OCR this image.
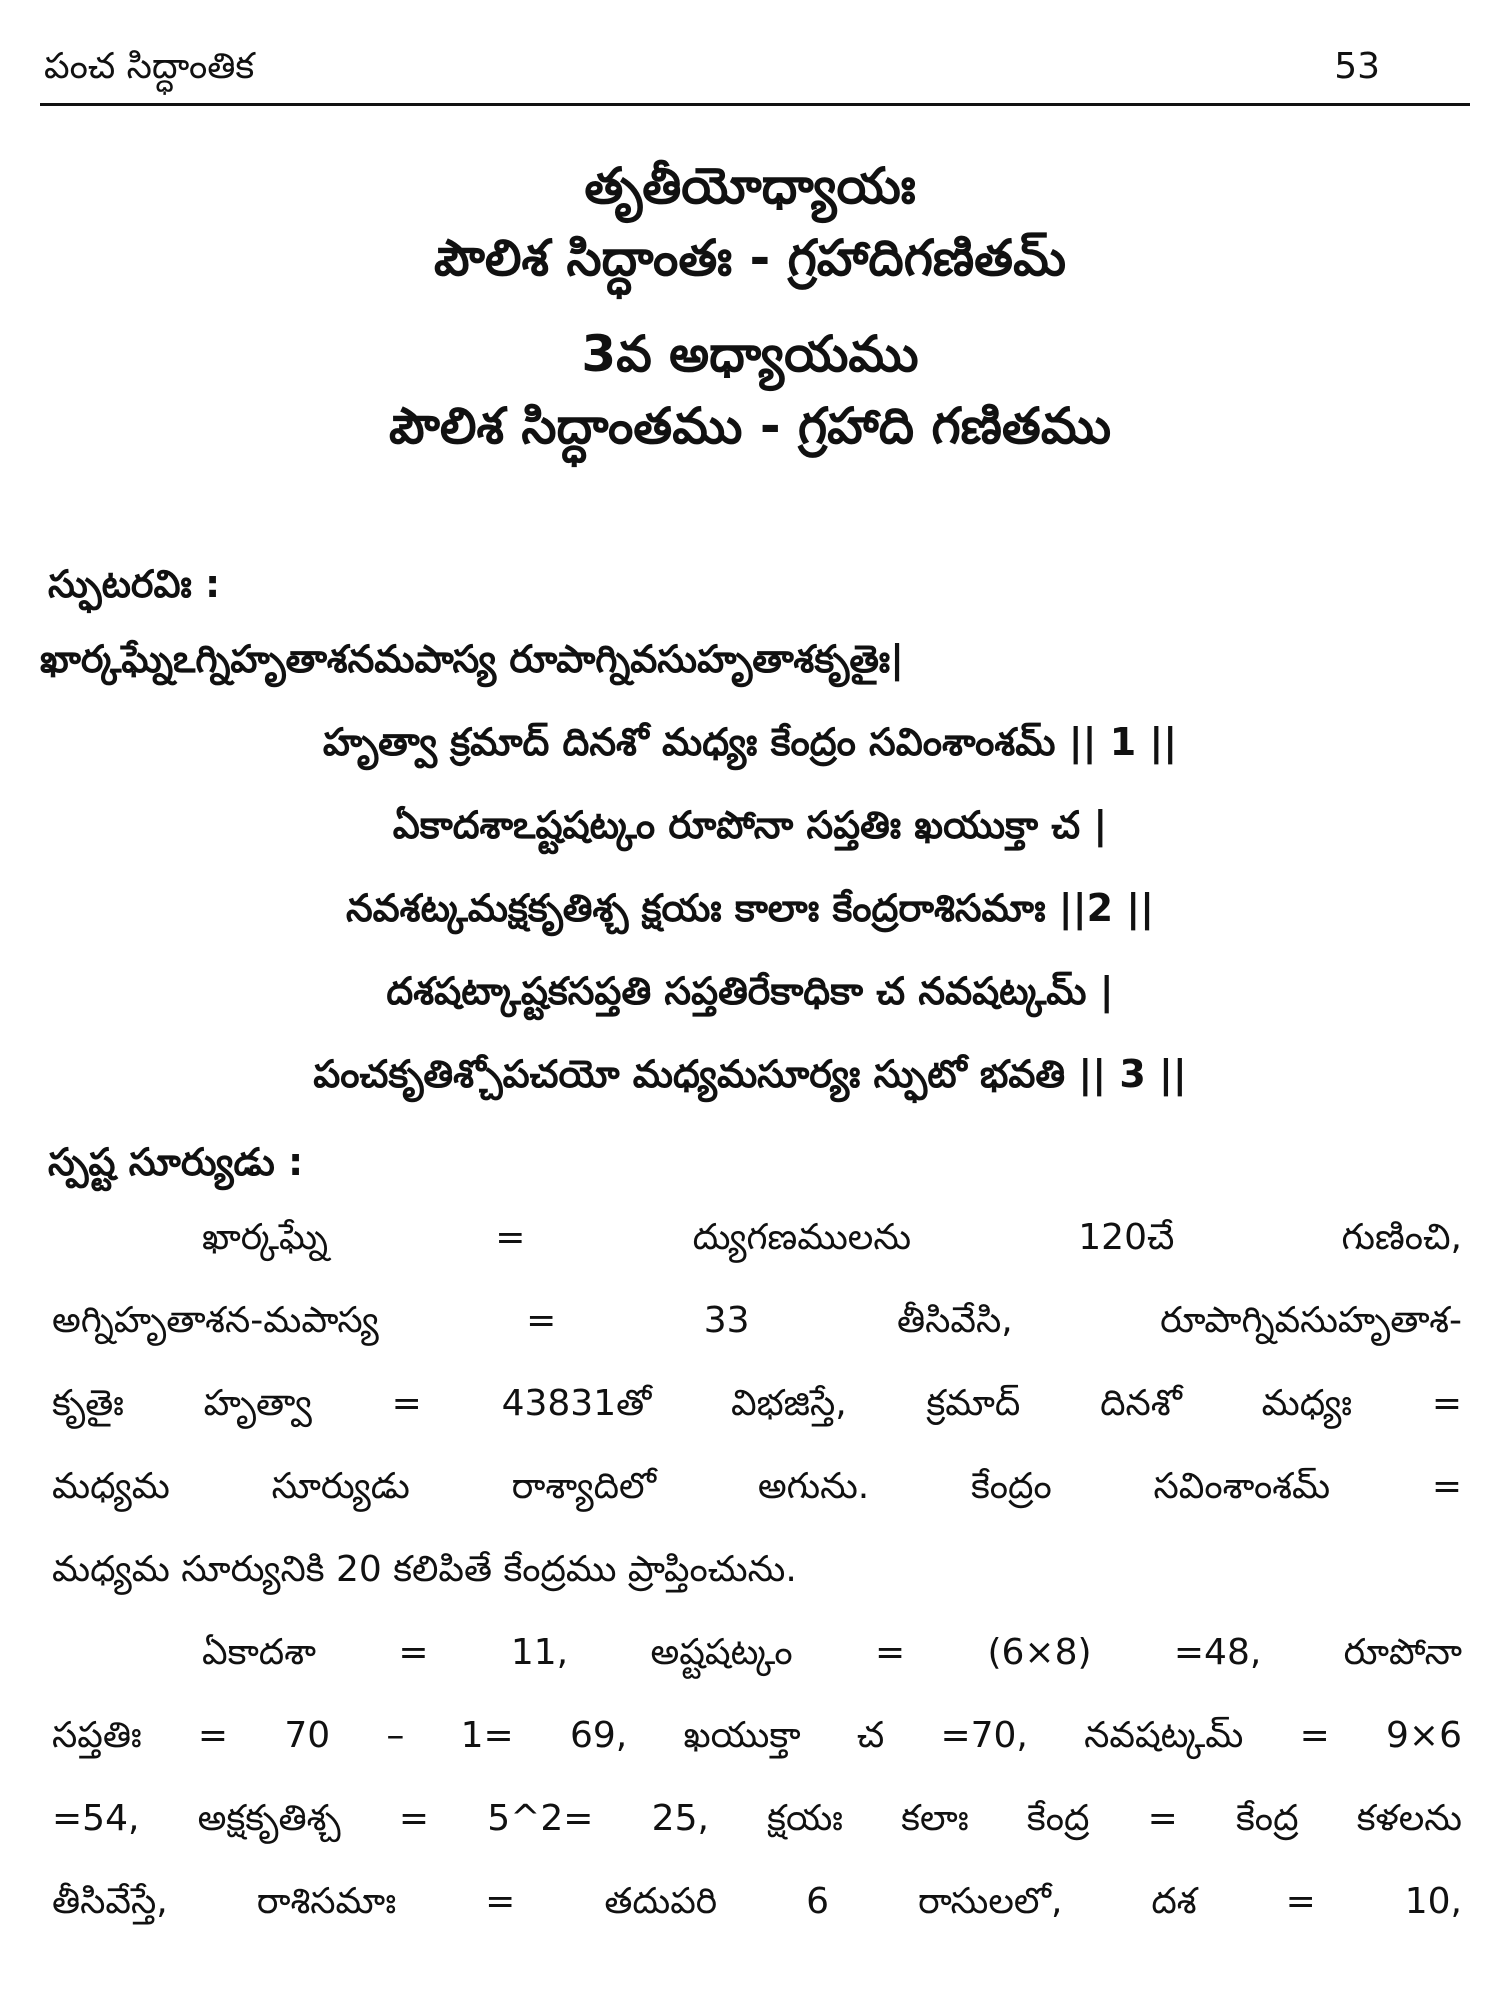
పంచ సిద్ధాంతిక	53
తృతీయోధ్యాయః
పౌలిశ సిద్ధాంతః - గ్రహాదిగణితమ్
3వ అధ్యాయము
పౌలిశ సిద్ధాంతము - గ్రహాది గణితము
స్ఫుటరవిః :
ఖార్కఘ్నేఽగ్నిహృతాశనమపాస్య రూపాగ్నివసుహృతాశకృతైః|
హృత్వా క్రమాద్ దినశో మధ్యః కేంద్రం సవింశాంశమ్ || 1 ||
ఏకాదశాఽష్టషట్కం రూపోనా సప్తతిః ఖయుక్తా చ |
నవశట్కమక్షకృతిశ్చ క్షయః కాలాః కేంద్రరాశిసమాః ||2 ||
దశషట్కాష్టకసప్తతి సప్తతిరేకాధికా చ నవషట్కమ్ |
పంచకృతిశ్చోపచయో మధ్యమసూర్యః స్ఫుటో భవతి || 3 ||
స్పష్ట సూర్యుడు :
ఖార్కఘ్నే = ద్యుగణములను 120చే గుణించి,
అగ్నిహృతాశన-మపాస్య = 33 తీసివేసి, రూపాగ్నివసుహృతాశ-
కృతైః హృత్వా = 43831తో విభజిస్తే, క్రమాద్ దినశో మధ్యః =
మధ్యమ సూర్యుడు రాశ్యాదిలో అగును. కేంద్రం సవింశాంశమ్ =
మధ్యమ సూర్యునికి 20 కలిపితే కేంద్రము ప్రాప్తించును.
ఏకాదశా = 11, అష్టషట్కం = (6×8) =48, రూపోనా
సప్తతిః = 70 – 1= 69, ఖయుక్తా చ =70, నవషట్కమ్ = 9×6
=54, అక్షకృతిశ్చ = 5^2= 25, క్షయః కలాః కేంద్ర = కేంద్ర కళలను
తీసివేస్తే, రాశిసమాః = తదుపరి 6 రాసులలో, దశ = 10,
